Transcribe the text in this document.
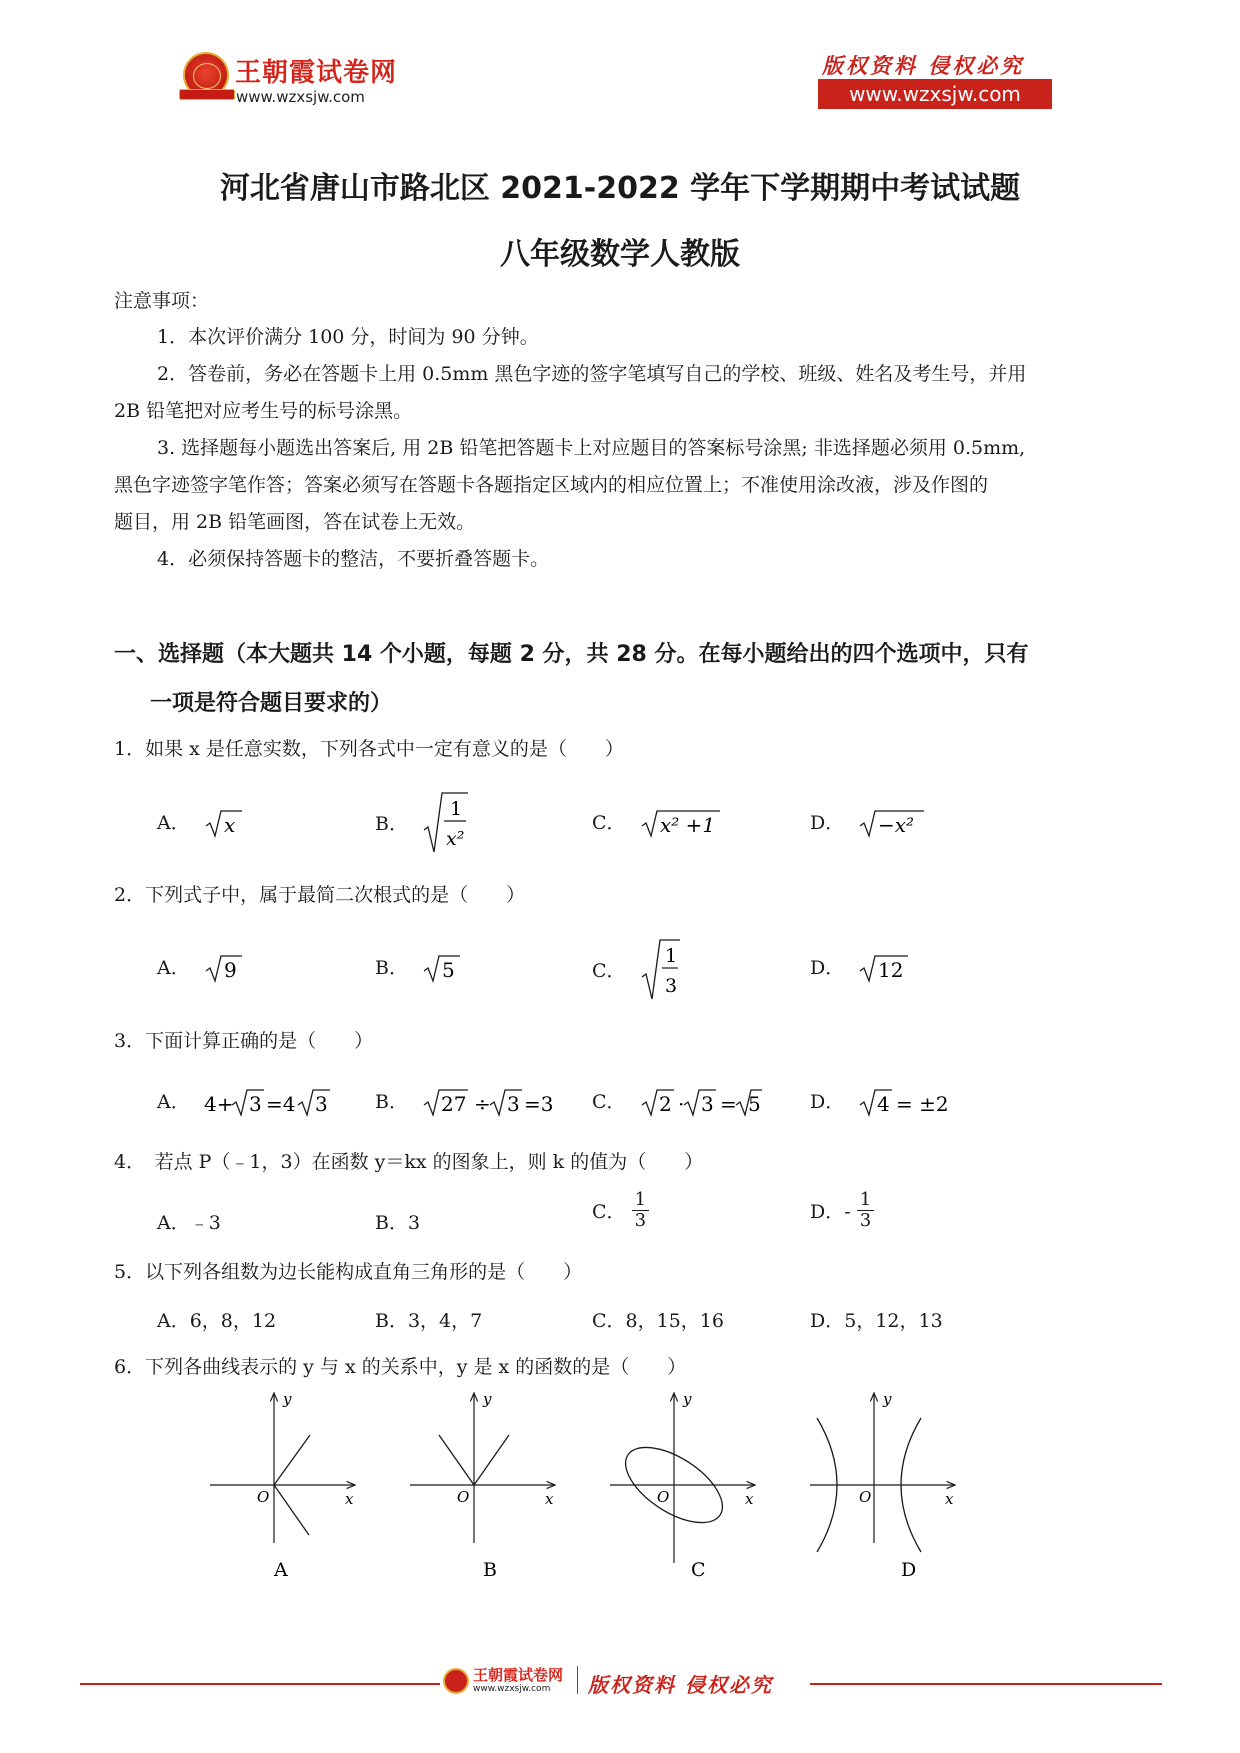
王朝霞试卷网
www.wzxsjw.com
版权资料 侵权必究
www.wzxsjw.com
河北省唐山市路北区 2021-2022 学年下学期期中考试试题
八年级数学人教版
注意事项：
1．本次评价满分 100 分，时间为 90 分钟。
2．答卷前，务必在答题卡上用 0.5mm 黑色字迹的签字笔填写自己的学校、班级、姓名及考生号，并用
2B 铅笔把对应考生号的标号涂黑。
3. 选择题每小题选出答案后, 用 2B 铅笔把答题卡上对应题目的答案标号涂黑; 非选择题必须用 0.5mm,
黑色字迹签字笔作答；答案必须写在答题卡各题指定区域内的相应位置上；不准使用涂改液，涉及作图的
题目，用 2B 铅笔画图，答在试卷上无效。
4．必须保持答题卡的整洁，不要折叠答题卡。
一、选择题（本大题共 14 个小题，每题 2 分，共 28 分。在每小题给出的四个选项中，只有
一项是符合题目要求的）
1．如果 x 是任意实数，下列各式中一定有意义的是（　　）
A． x	B．
1
x²
C． x² +1	D． −x²
2．下列式子中，属于最简二次根式的是（　　）
A． 9	B． 5	C．
1
3
D． 12
3．下面计算正确的是（　　）
A． 4+ 3 =4 3 B． 27 ÷ 3 =3 C． 2 · 3 = 5	D． 4 = ±2
4．　若点 P（﹣1，3）在函数 y＝kx 的图象上，则 k 的值为（　　）
A．﹣3	B．3	C． $\frac{1}{3}$	D．- $\frac{1}{3}$
5．以下列各组数为边长能构成直角三角形的是（　　）
A．6，8，12	B．3，4，7	C．8，15，16	D．5，12，13
6．下列各曲线表示的 y 与 x 的关系中，y 是 x 的函数的是（　　）
y
x
O
A
y
x
O
B
y
x
O
C
y
x
O
D
王朝霞试卷网
www.wzxsjw.com 版权资料 侵权必究
